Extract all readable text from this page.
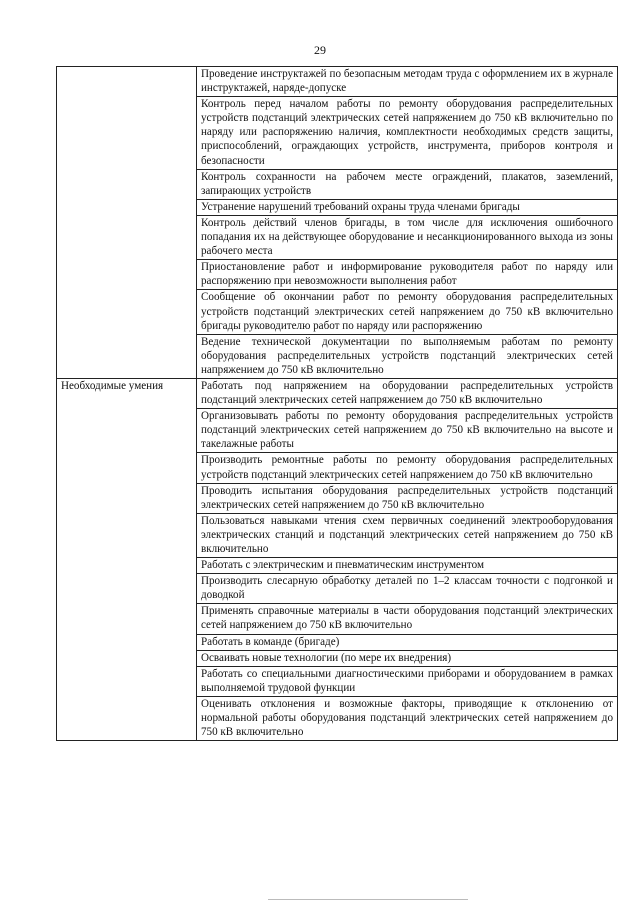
29
	Проведение инструктажей по безопасным методам труда с оформлением их в журнале инструктажей, наряде-допуске
	Контроль перед началом работы по ремонту оборудования распределительных устройств подстанций электрических сетей напряжением до 750 кВ включительно по наряду или распоряжению наличия, комплектности необходимых средств защиты, приспособлений, ограждающих устройств, инструмента, приборов контроля и безопасности
	Контроль сохранности на рабочем месте ограждений, плакатов, заземлений, запирающих устройств
	Устранение нарушений требований охраны труда членами бригады
	Контроль действий членов бригады, в том числе для исключения ошибочного попадания их на действующее оборудование и несанкционированного выхода из зоны рабочего места
	Приостановление работ и информирование руководителя работ по наряду или распоряжению при невозможности выполнения работ
	Сообщение об окончании работ по ремонту оборудования распределительных устройств подстанций электрических сетей напряжением до 750 кВ включительно бригады руководителю работ по наряду или распоряжению
	Ведение технической документации по выполняемым работам по ремонту оборудования распределительных устройств подстанций электрических сетей напряжением до 750 кВ включительно
Необходимые умения	Работать под напряжением на оборудовании распределительных устройств подстанций электрических сетей напряжением до 750 кВ включительно
	Организовывать работы по ремонту оборудования распределительных устройств подстанций электрических сетей напряжением до 750 кВ включительно на высоте и такелажные работы
	Производить ремонтные работы по ремонту оборудования распределительных устройств подстанций электрических сетей напряжением до 750 кВ включительно
	Проводить испытания оборудования распределительных устройств подстанций электрических сетей напряжением до 750 кВ включительно
	Пользоваться навыками чтения схем первичных соединений электрооборудования электрических станций и подстанций электрических сетей напряжением до 750 кВ включительно
	Работать с электрическим и пневматическим инструментом
	Производить слесарную обработку деталей по 1–2 классам точности с подгонкой и доводкой
	Применять справочные материалы в части оборудования подстанций электрических сетей напряжением до 750 кВ включительно
	Работать в команде (бригаде)
	Осваивать новые технологии (по мере их внедрения)
	Работать со специальными диагностическими приборами и оборудованием в рамках выполняемой трудовой функции
	Оценивать отклонения и возможные факторы, приводящие к отклонению от нормальной работы оборудования подстанций электрических сетей напряжением до 750 кВ включительно
